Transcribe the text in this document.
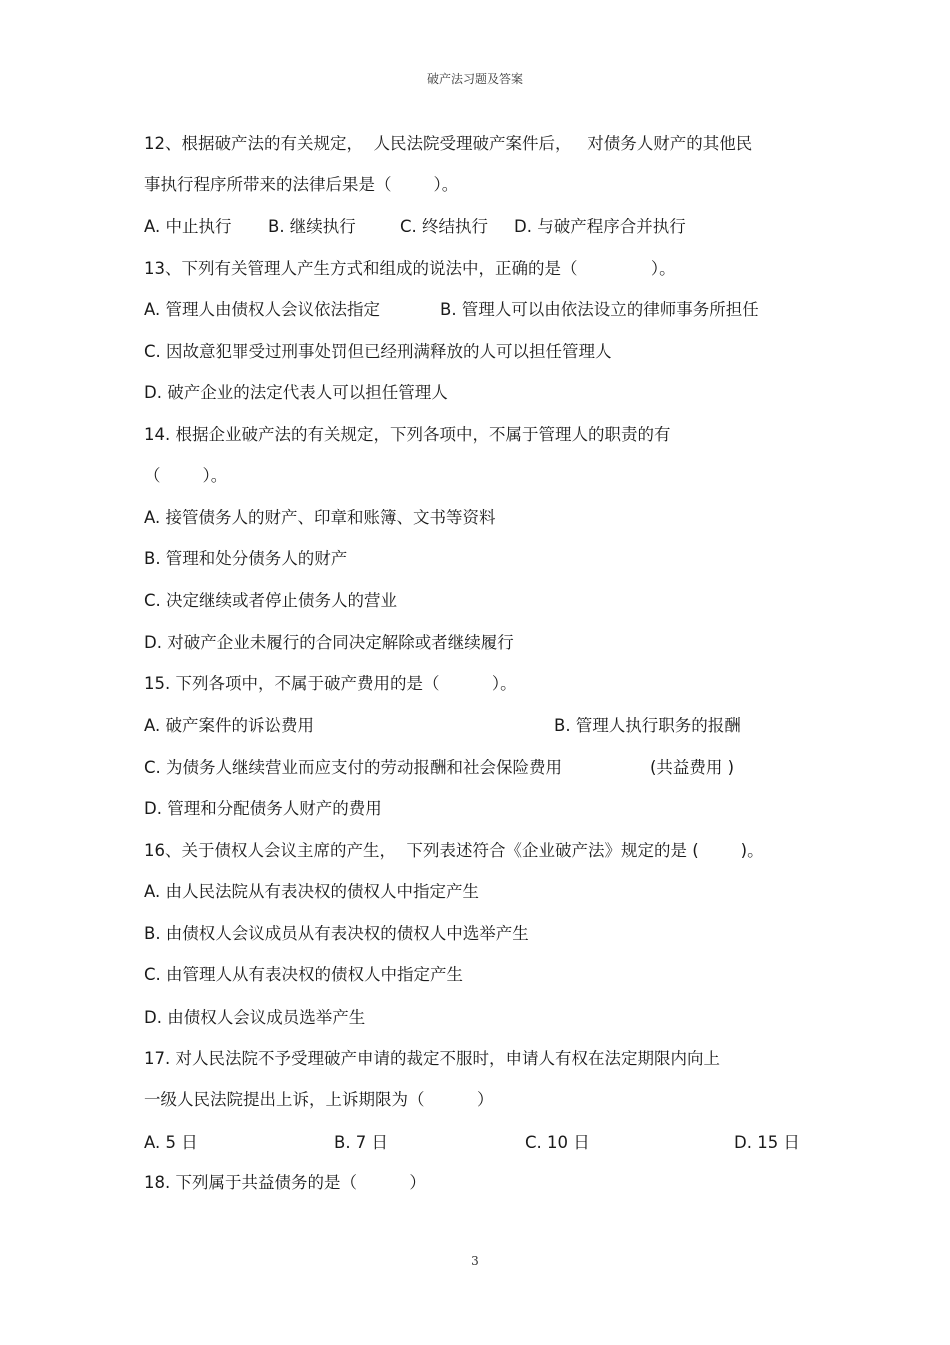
破产法习题及答案
12、根据破产法的有关规定，  人民法院受理破产案件后，   对债务人财产的其他民
事执行程序所带来的法律后果是（        ）。
A. 中止执行 B. 继续执行	C. 终结执行 D. 与破产程序合并执行
13、下列有关管理人产生方式和组成的说法中，正确的是（              ）。
A. 管理人由债权人会议依法指定	B. 管理人可以由依法设立的律师事务所担任
C. 因故意犯罪受过刑事处罚但已经刑满释放的人可以担任管理人
D. 破产企业的法定代表人可以担任管理人
14. 根据企业破产法的有关规定，下列各项中，不属于管理人的职责的有
（        ）。
A. 接管债务人的财产、印章和账簿、文书等资料
B. 管理和处分债务人的财产
C. 决定继续或者停止债务人的营业
D. 对破产企业未履行的合同决定解除或者继续履行
15. 下列各项中，不属于破产费用的是（          ）。
A. 破产案件的诉讼费用	B. 管理人执行职务的报酬
C. 为债务人继续营业而应支付的劳动报酬和社会保险费用	(共益费用 )
D. 管理和分配债务人财产的费用
16、关于债权人会议主席的产生，  下列表述符合《企业破产法》规定的是 (        )。
A. 由人民法院从有表决权的债权人中指定产生
B. 由债权人会议成员从有表决权的债权人中选举产生
C. 由管理人从有表决权的债权人中指定产生
D. 由债权人会议成员选举产生
17. 对人民法院不予受理破产申请的裁定不服时，申请人有权在法定期限内向上
一级人民法院提出上诉，上诉期限为（          ）
A. 5 日	B. 7 日	C. 10 日	D. 15 日
18. 下列属于共益债务的是（          ）
3
